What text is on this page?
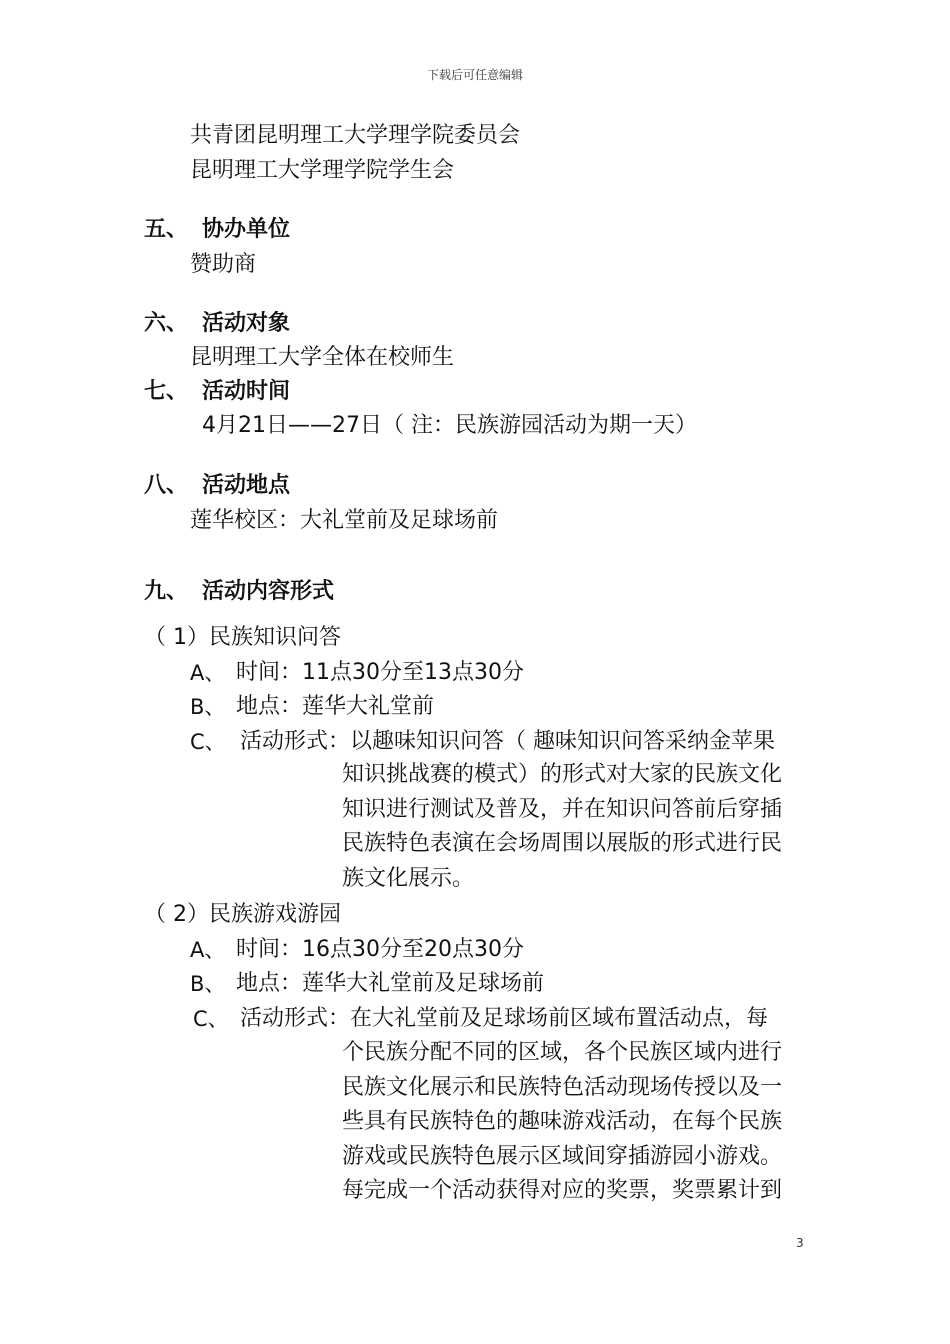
下载后可任意编辑
共青团昆明理工大学理学院委员会
昆明理工大学理学院学生会
五、 协办单位
赞助商
六、 活动对象
昆明理工大学全体在校师生
七、 活动时间
4月21日——27日（ 注：民族游园活动为期一天）
八、 活动地点
莲华校区：大礼堂前及足球场前
九、 活动内容形式
（ 1）民族知识问答
A、 时间：11点30分至13点30分
B、 地点：莲华大礼堂前
C、 活动形式：以趣味知识问答（ 趣味知识问答采纳金苹果
知识挑战赛的模式）的形式对大家的民族文化
知识进行测试及普及，并在知识问答前后穿插
民族特色表演在会场周围以展版的形式进行民
族文化展示。
（ 2）民族游戏游园
A、 时间：16点30分至20点30分
B、 地点：莲华大礼堂前及足球场前
C、 活动形式：在大礼堂前及足球场前区域布置活动点，每
个民族分配不同的区域，各个民族区域内进行
民族文化展示和民族特色活动现场传授以及一
些具有民族特色的趣味游戏活动，在每个民族
游戏或民族特色展示区域间穿插游园小游戏。
每完成一个活动获得对应的奖票，奖票累计到
3
